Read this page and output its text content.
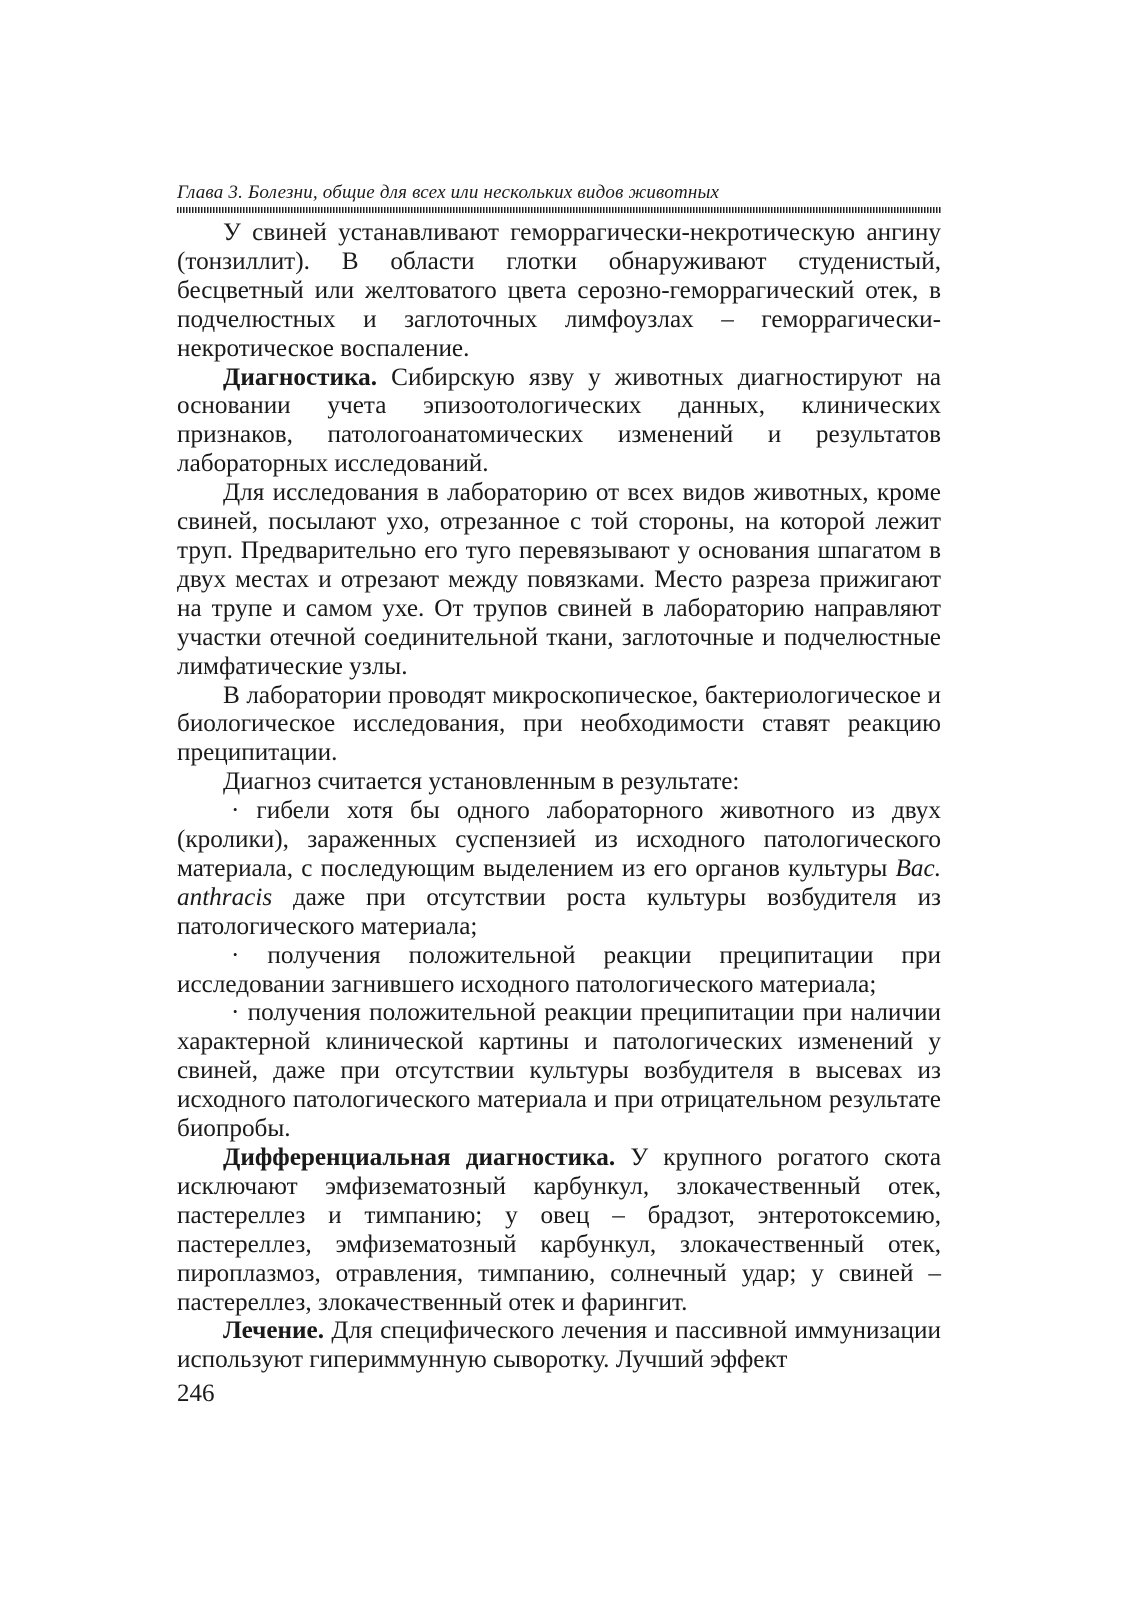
Глава 3. Болезни, общие для всех или нескольких видов животных

У свиней устанавливают геморрагически-некротическую ангину (тонзиллит). В области глотки обнаруживают студенистый, бесцветный или желтоватого цвета серозно-геморрагический отек, в подчелюстных и заглоточных лимфоузлах – геморрагически-некротическое воспаление.

Диагностика. Сибирскую язву у животных диагностируют на основании учета эпизоотологических данных, клинических признаков, патологоанатомических изменений и результатов лабораторных исследований.

Для исследования в лабораторию от всех видов животных, кроме свиней, посылают ухо, отрезанное с той стороны, на которой лежит труп. Предварительно его туго перевязывают у основания шпагатом в двух местах и отрезают между повязками. Место разреза прижигают на трупе и самом ухе. От трупов свиней в лабораторию направляют участки отечной соединительной ткани, заглоточные и подчелюстные лимфатические узлы.

В лаборатории проводят микроскопическое, бактериологическое и биологическое исследования, при необходимости ставят реакцию преципитации.

Диагноз считается установленным в результате:

· гибели хотя бы одного лабораторного животного из двух (кролики), зараженных суспензией из исходного патологического материала, с последующим выделением из его органов культуры Bac. anthracis даже при отсутствии роста культуры возбудителя из патологического материала;

· получения положительной реакции преципитации при исследовании загнившего исходного патологического материала;

· получения положительной реакции преципитации при наличии характерной клинической картины и патологических изменений у свиней, даже при отсутствии культуры возбудителя в высевах из исходного патологического материала и при отрицательном результате биопробы.

Дифференциальная диагностика. У крупного рогатого скота исключают эмфизематозный карбункул, злокачественный отек, пастереллез и тимпанию; у овец – брадзот, энтеротоксемию, пастереллез, эмфизематозный карбункул, злокачественный отек, пироплазмоз, отравления, тимпанию, солнечный удар; у свиней – пастереллез, злокачественный отек и фарингит.

Лечение. Для специфического лечения и пассивной иммунизации используют гипериммунную сыворотку. Лучший эффект

246
